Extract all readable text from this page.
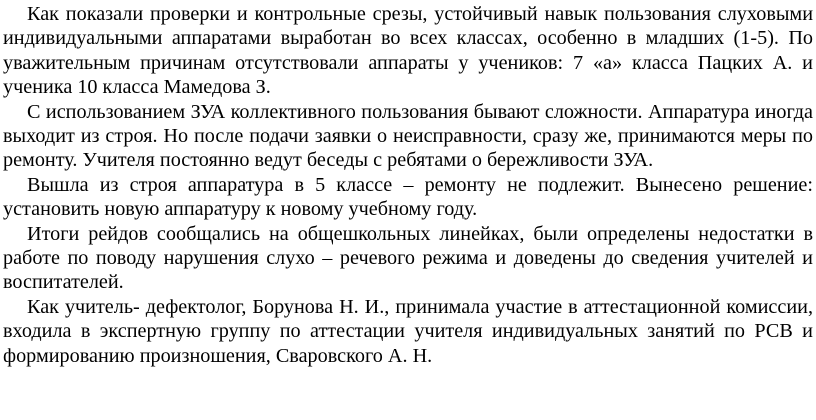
Как показали проверки и контрольные срезы, устойчивый навык пользования слуховыми индивидуальными аппаратами выработан во всех классах, особенно в младших (1-5). По уважительным причинам отсутствовали аппараты у учеников: 7 «а» класса Пацких А. и ученика 10 класса Мамедова З.

С использованием ЗУА коллективного пользования бывают сложности. Аппаратура иногда выходит из строя. Но после подачи заявки о неисправности, сразу же, принимаются меры по ремонту. Учителя постоянно ведут беседы с ребятами о бережливости ЗУА.

Вышла из строя аппаратура в 5 классе – ремонту не подлежит. Вынесено решение: установить новую аппаратуру к новому учебному году.

Итоги рейдов сообщались на общешкольных линейках, были определены недостатки в работе по поводу нарушения слухо – речевого режима и доведены до сведения учителей и воспитателей.

Как учитель- дефектолог, Борунова Н. И., принимала участие в аттестационной комиссии, входила в экспертную группу по аттестации учителя индивидуальных занятий по РСВ и формированию произношения, Сваровского А. Н.
